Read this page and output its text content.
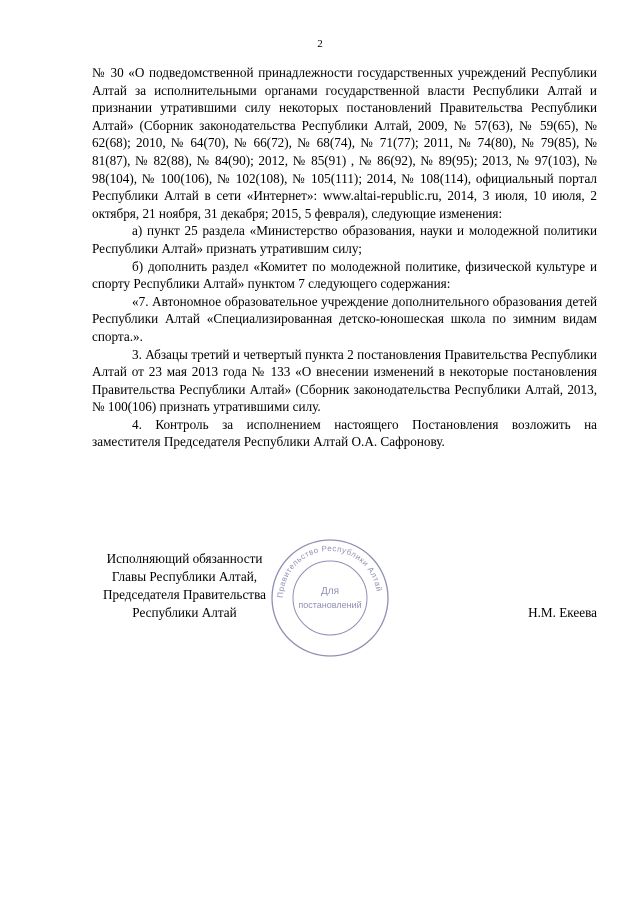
2

№ 30 «О подведомственной принадлежности государственных учреждений Республики Алтай за исполнительными органами государственной власти Республики Алтай и признании утратившими силу некоторых постановлений Правительства Республики Алтай» (Сборник законодательства Республики Алтай, 2009, № 57(63), № 59(65), № 62(68); 2010, № 64(70), № 66(72), № 68(74), № 71(77); 2011, № 74(80), № 79(85), № 81(87), № 82(88), № 84(90); 2012, № 85(91) , № 86(92), № 89(95); 2013, № 97(103), № 98(104), № 100(106), № 102(108), № 105(111); 2014, № 108(114), официальный портал Республики Алтай в сети «Интернет»: www.altai-republic.ru, 2014, 3 июля, 10 июля, 2 октября, 21 ноября, 31 декабря; 2015, 5 февраля), следующие изменения:

а) пункт 25 раздела «Министерство образования, науки и молодежной политики Республики Алтай» признать утратившим силу;

б) дополнить раздел «Комитет по молодежной политике, физической культуре и спорту Республики Алтай» пунктом 7 следующего содержания:

«7. Автономное образовательное учреждение дополнительного образования детей Республики Алтай «Специализированная детско-юношеская школа по зимним видам спорта.».

3. Абзацы третий и четвертый пункта 2 постановления Правительства Республики Алтай от 23 мая 2013 года № 133 «О внесении изменений в некоторые постановления Правительства Республики Алтай» (Сборник законодательства Республики Алтай, 2013, № 100(106) признать утратившими силу.

4. Контроль за исполнением настоящего Постановления возложить на заместителя Председателя Республики Алтай О.А. Сафронову.

Исполняющий обязанности
Главы Республики Алтай,
Председателя Правительства
Республики Алтай
Правительство Республики Алтай
Для
постановлений	Н.М. Екеева
